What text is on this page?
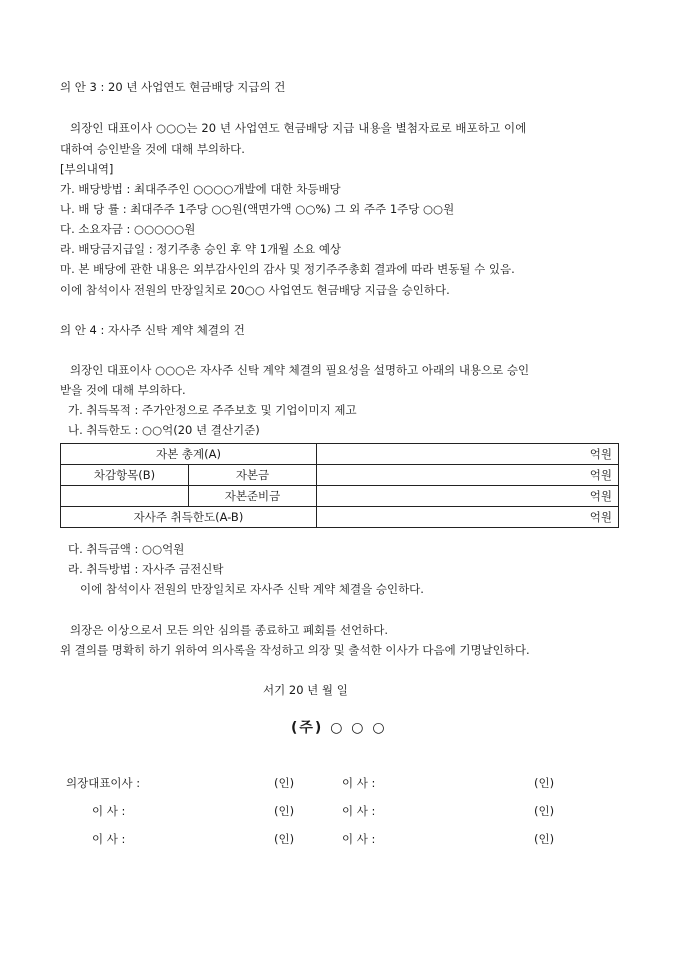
의 안 3 : 20 년 사업연도 현금배당 지급의 건
의장인 대표이사 ○○○는 20 년 사업연도 현금배당 지급 내용을 별첨자료로 배포하고 이에
대하여 승인받을 것에 대해 부의하다.
[부의내역]
가. 배당방법 : 최대주주인 ○○○○개발에 대한 차등배당
나. 배 당 률 : 최대주주 1주당 ○○원(액면가액 ○○%) 그 외 주주 1주당 ○○원
다. 소요자금 : ○○○○○원
라. 배당금지급일 : 정기주총 승인 후 약 1개월 소요 예상
마. 본 배당에 관한 내용은 외부감사인의 감사 및 정기주주총회 결과에 따라 변동될 수 있음.
이에 참석이사 전원의 만장일치로 20○○ 사업연도 현금배당 지급을 승인하다.
의 안 4 : 자사주 신탁 계약 체결의 건
의장인 대표이사 ○○○은 자사주 신탁 계약 체결의 필요성을 설명하고 아래의 내용으로 승인
받을 것에 대해 부의하다.
가. 취득목적 : 주가안정으로 주주보호 및 기업이미지 제고
나. 취득한도 : ○○억(20 년 결산기준)
자본 총계(A)		억원
차감항목(B)	자본금	억원
	자본준비금	억원
자사주 취득한도(A-B)		억원
다. 취득금액 : ○○억원
라. 취득방법 : 자사주 금전신탁
이에 참석이사 전원의 만장일치로 자사주 신탁 계약 체결을 승인하다.
의장은 이상으로서 모든 의안 심의를 종료하고 폐회를 선언하다.
위 결의를 명확히 하기 위하여 의사록을 작성하고 의장 및 출석한 이사가 다음에 기명날인하다.
서기 20 년 월 일
(주) ○ ○ ○
의장대표이사 :	(인)	이 사 :	(인)
이 사 :	(인)	이 사 :	(인)
이 사 :	(인)	이 사 :	(인)
